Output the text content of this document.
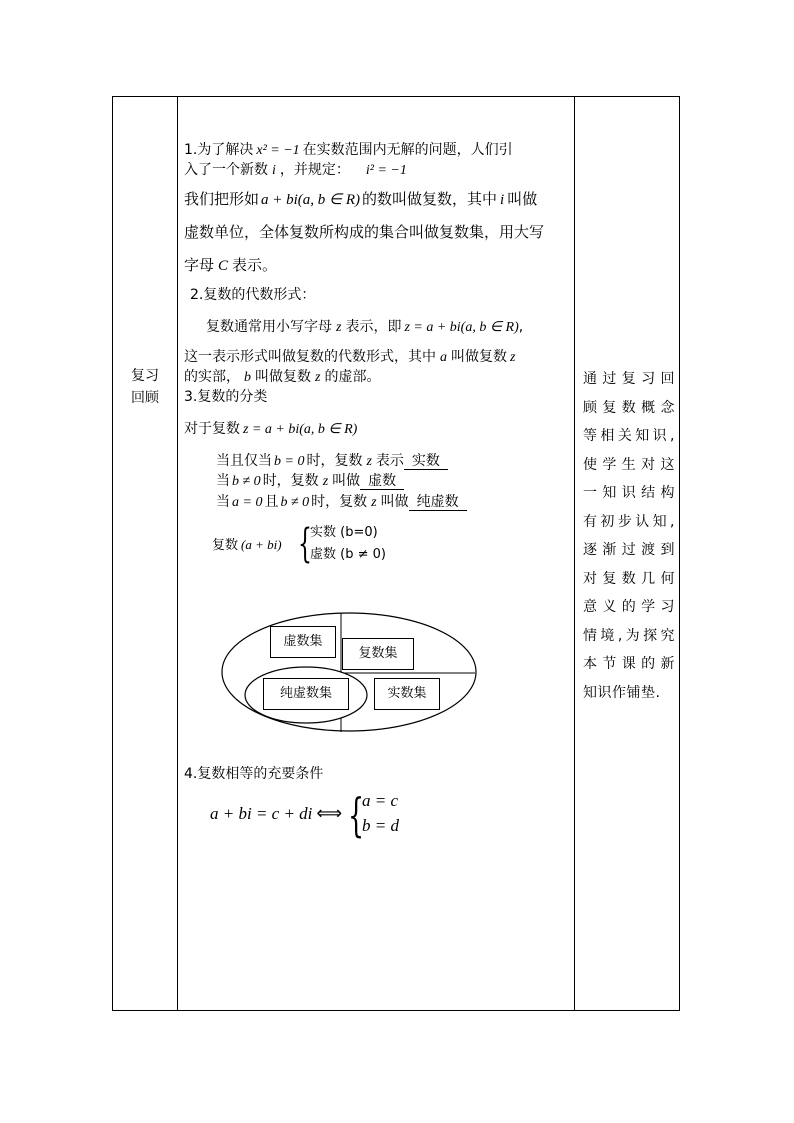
复习
回顾
通过复习回
顾复数概念
等相关知识,
使学生对这
一知识结构
有初步认知,
逐渐过渡到
对复数几何
意义的学习
情境,为探究
本节课的新
知识作铺垫.
1.为了解决 x² = −1 在实数范围内无解的问题，人们引
入了一个新数 i ，并规定： i² = −1
我们把形如 a + bi(a, b ∈ R) 的数叫做复数，其中 i 叫做
虚数单位，全体复数所构成的集合叫做复数集，用大写
字母 C 表示。
2.复数的代数形式：
复数通常用小写字母 z 表示，即 z = a + bi(a, b ∈ R),
这一表示形式叫做复数的代数形式，其中 a 叫做复数 z
的实部， b 叫做复数 z 的虚部。
3.复数的分类
对于复数 z = a + bi(a, b ∈ R)
当且仅当 b = 0 时，复数 z 表示 实数
当 b ≠ 0 时，复数 z 叫做 虚数
当 a = 0 且 b ≠ 0 时，复数 z 叫做 纯虚数
复数 (a + bi) {
实数 (b=0)
虚数 (b ≠ 0)
虚数集
复数集
纯虚数集	实数集
4.复数相等的充要条件
a + bi = c + di ⟺ {
a = c
b = d
